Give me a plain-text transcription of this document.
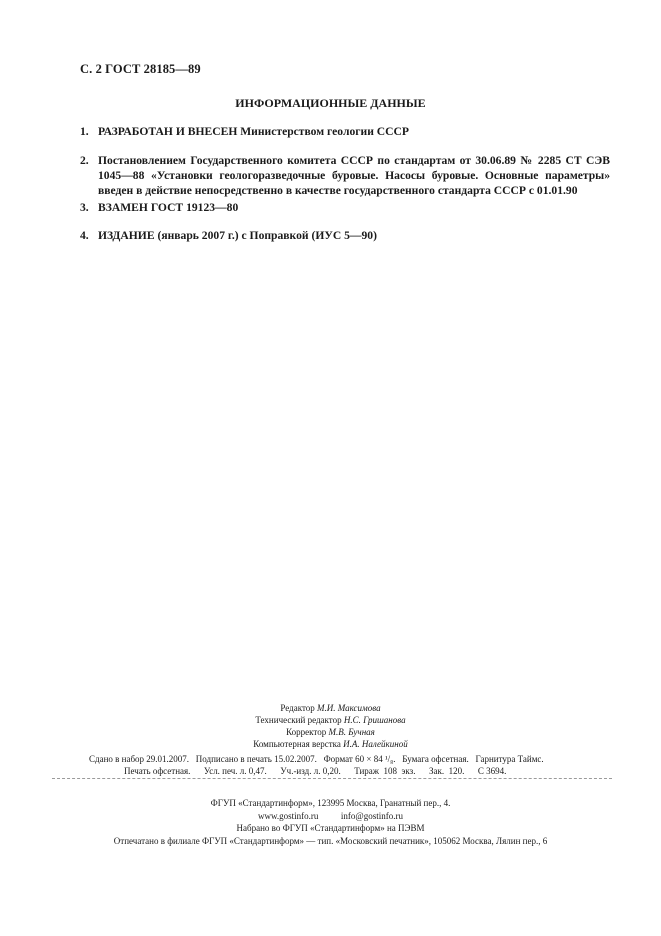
С. 2 ГОСТ 28185—89
ИНФОРМАЦИОННЫЕ ДАННЫЕ
1. РАЗРАБОТАН И ВНЕСЕН Министерством геологии СССР
2. Постановлением Государственного комитета СССР по стандартам от 30.06.89 № 2285 СТ СЭВ 1045—88 «Установки геологоразведочные буровые. Насосы буровые. Основные параметры» введен в действие непосредственно в качестве государственного стандарта СССР с 01.01.90
3. ВЗАМЕН ГОСТ 19123—80
4. ИЗДАНИЕ (январь 2007 г.) с Поправкой (ИУС 5—90)
Редактор М.И. Максимова
Технический редактор Н.С. Гришанова
Корректор М.В. Бучная
Компьютерная верстка И.А. Налейкиной
Сдано в набор 29.01.2007.   Подписано в печать 15.02.2007.   Формат 60 × 84 ¹/₈.   Бумага офсетная.   Гарнитура Таймс.
Печать офсетная.      Усл. печ. л. 0,47.      Уч.-изд. л. 0,20.      Тираж  108  экз.      Зак.  120.      С 3694.
ФГУП «Стандартинформ», 123995 Москва, Гранатный пер., 4.
www.gostinfo.ru          info@gostinfo.ru
Набрано во ФГУП «Стандартинформ» на ПЭВМ
Отпечатано в филиале ФГУП «Стандартинформ» — тип. «Московский печатник», 105062 Москва, Лялин пер., 6
